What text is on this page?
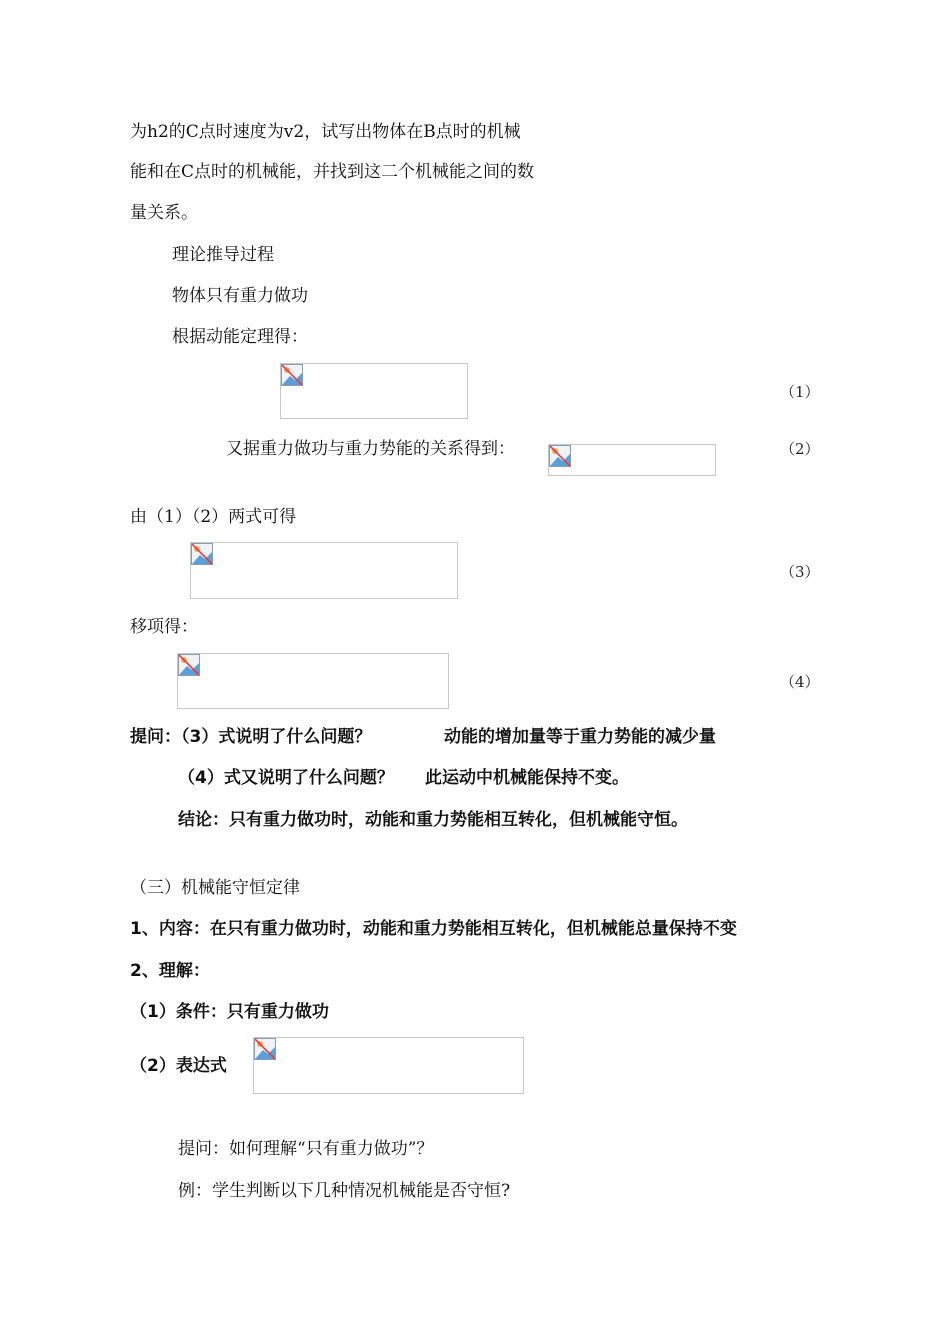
为h2的C点时速度为v2，试写出物体在B点时的机械
能和在C点时的机械能，并找到这二个机械能之间的数
量关系。
理论推导过程
物体只有重力做功
根据动能定理得：
（1）
又据重力做功与重力势能的关系得到：	（2）
由（1）（2）两式可得
（3）
移项得：
（4）
提问：（3）式说明了什么问题？	动能的增加量等于重力势能的减少量
（4）式又说明了什么问题？ 此运动中机械能保持不变。
结论：只有重力做功时，动能和重力势能相互转化，但机械能守恒。
（三）机械能守恒定律
1、内容：在只有重力做功时，动能和重力势能相互转化，但机械能总量保持不变
2、理解：
（1）条件：只有重力做功
（2）表达式
提问：如何理解“只有重力做功”？
例：学生判断以下几种情况机械能是否守恒?
